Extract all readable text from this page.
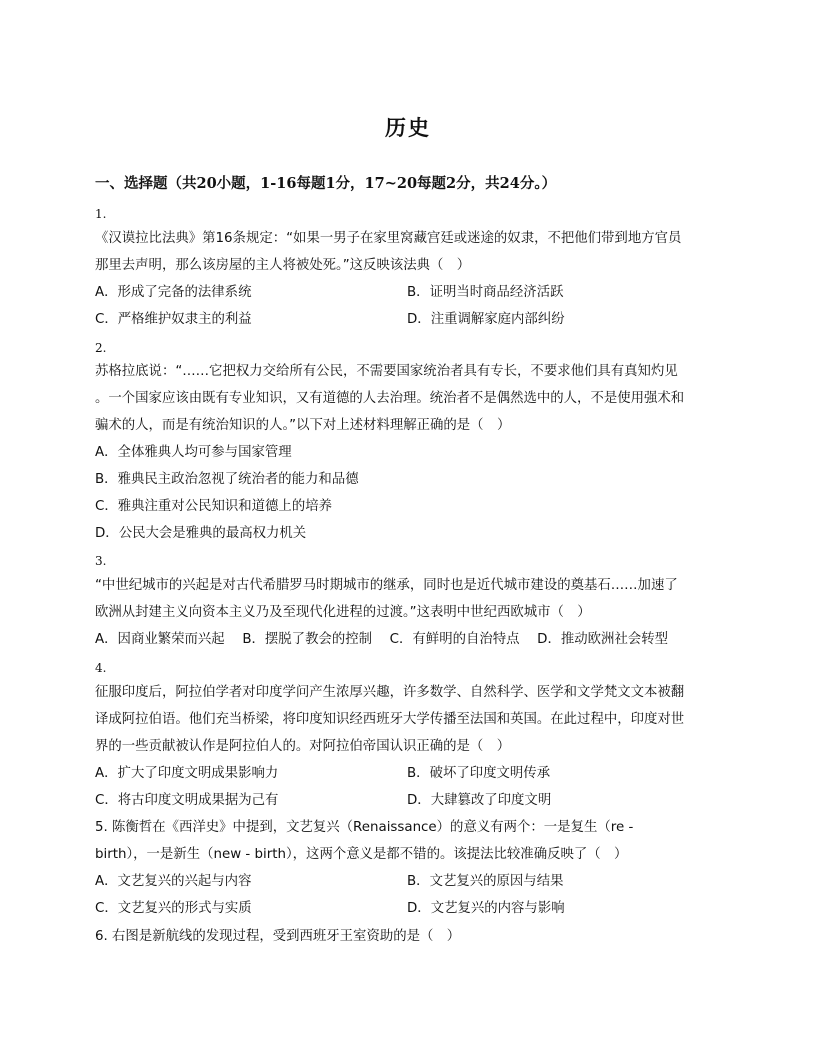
历史
一、选择题（共20小题，1-16每题1分，17~20每题2分，共24分。）
1.
《汉谟拉比法典》第16条规定：“如果一男子在家里窝藏宫廷或迷途的奴隶，不把他们带到地方官员
那里去声明，那么该房屋的主人将被处死。”这反映该法典（　）
A．形成了完备的法律系统	B．证明当时商品经济活跃
C．严格维护奴隶主的利益	D．注重调解家庭内部纠纷
2.
苏格拉底说：“……它把权力交给所有公民，不需要国家统治者具有专长，不要求他们具有真知灼见
。一个国家应该由既有专业知识，又有道德的人去治理。统治者不是偶然选中的人，不是使用强术和
骗术的人，而是有统治知识的人。”以下对上述材料理解正确的是（　）
A．全体雅典人均可参与国家管理
B．雅典民主政治忽视了统治者的能力和品德
C．雅典注重对公民知识和道德上的培养
D．公民大会是雅典的最高权力机关
3.
“中世纪城市的兴起是对古代希腊罗马时期城市的继承，同时也是近代城市建设的奠基石……加速了
欧洲从封建主义向资本主义乃及至现代化进程的过渡。”这表明中世纪西欧城市（　）
A．因商业繁荣而兴起　 B．摆脱了教会的控制　 C．有鲜明的自治特点　 D．推动欧洲社会转型
4.
征服印度后，阿拉伯学者对印度学问产生浓厚兴趣，许多数学、自然科学、医学和文学梵文文本被翻
译成阿拉伯语。他们充当桥梁，将印度知识经西班牙大学传播至法国和英国。在此过程中，印度对世
界的一些贡献被认作是阿拉伯人的。对阿拉伯帝国认识正确的是（　）
A．扩大了印度文明成果影响力	B．破坏了印度文明传承
C．将古印度文明成果据为己有	D．大肆篡改了印度文明
5. 陈衡哲在《西洋史》中提到，文艺复兴（Renaissance）的意义有两个：一是复生（re -
birth），一是新生（new - birth），这两个意义是都不错的。该提法比较准确反映了（　）
A．文艺复兴的兴起与内容	B．文艺复兴的原因与结果
C．文艺复兴的形式与实质	D．文艺复兴的内容与影响
6. 右图是新航线的发现过程，受到西班牙王室资助的是（　）
